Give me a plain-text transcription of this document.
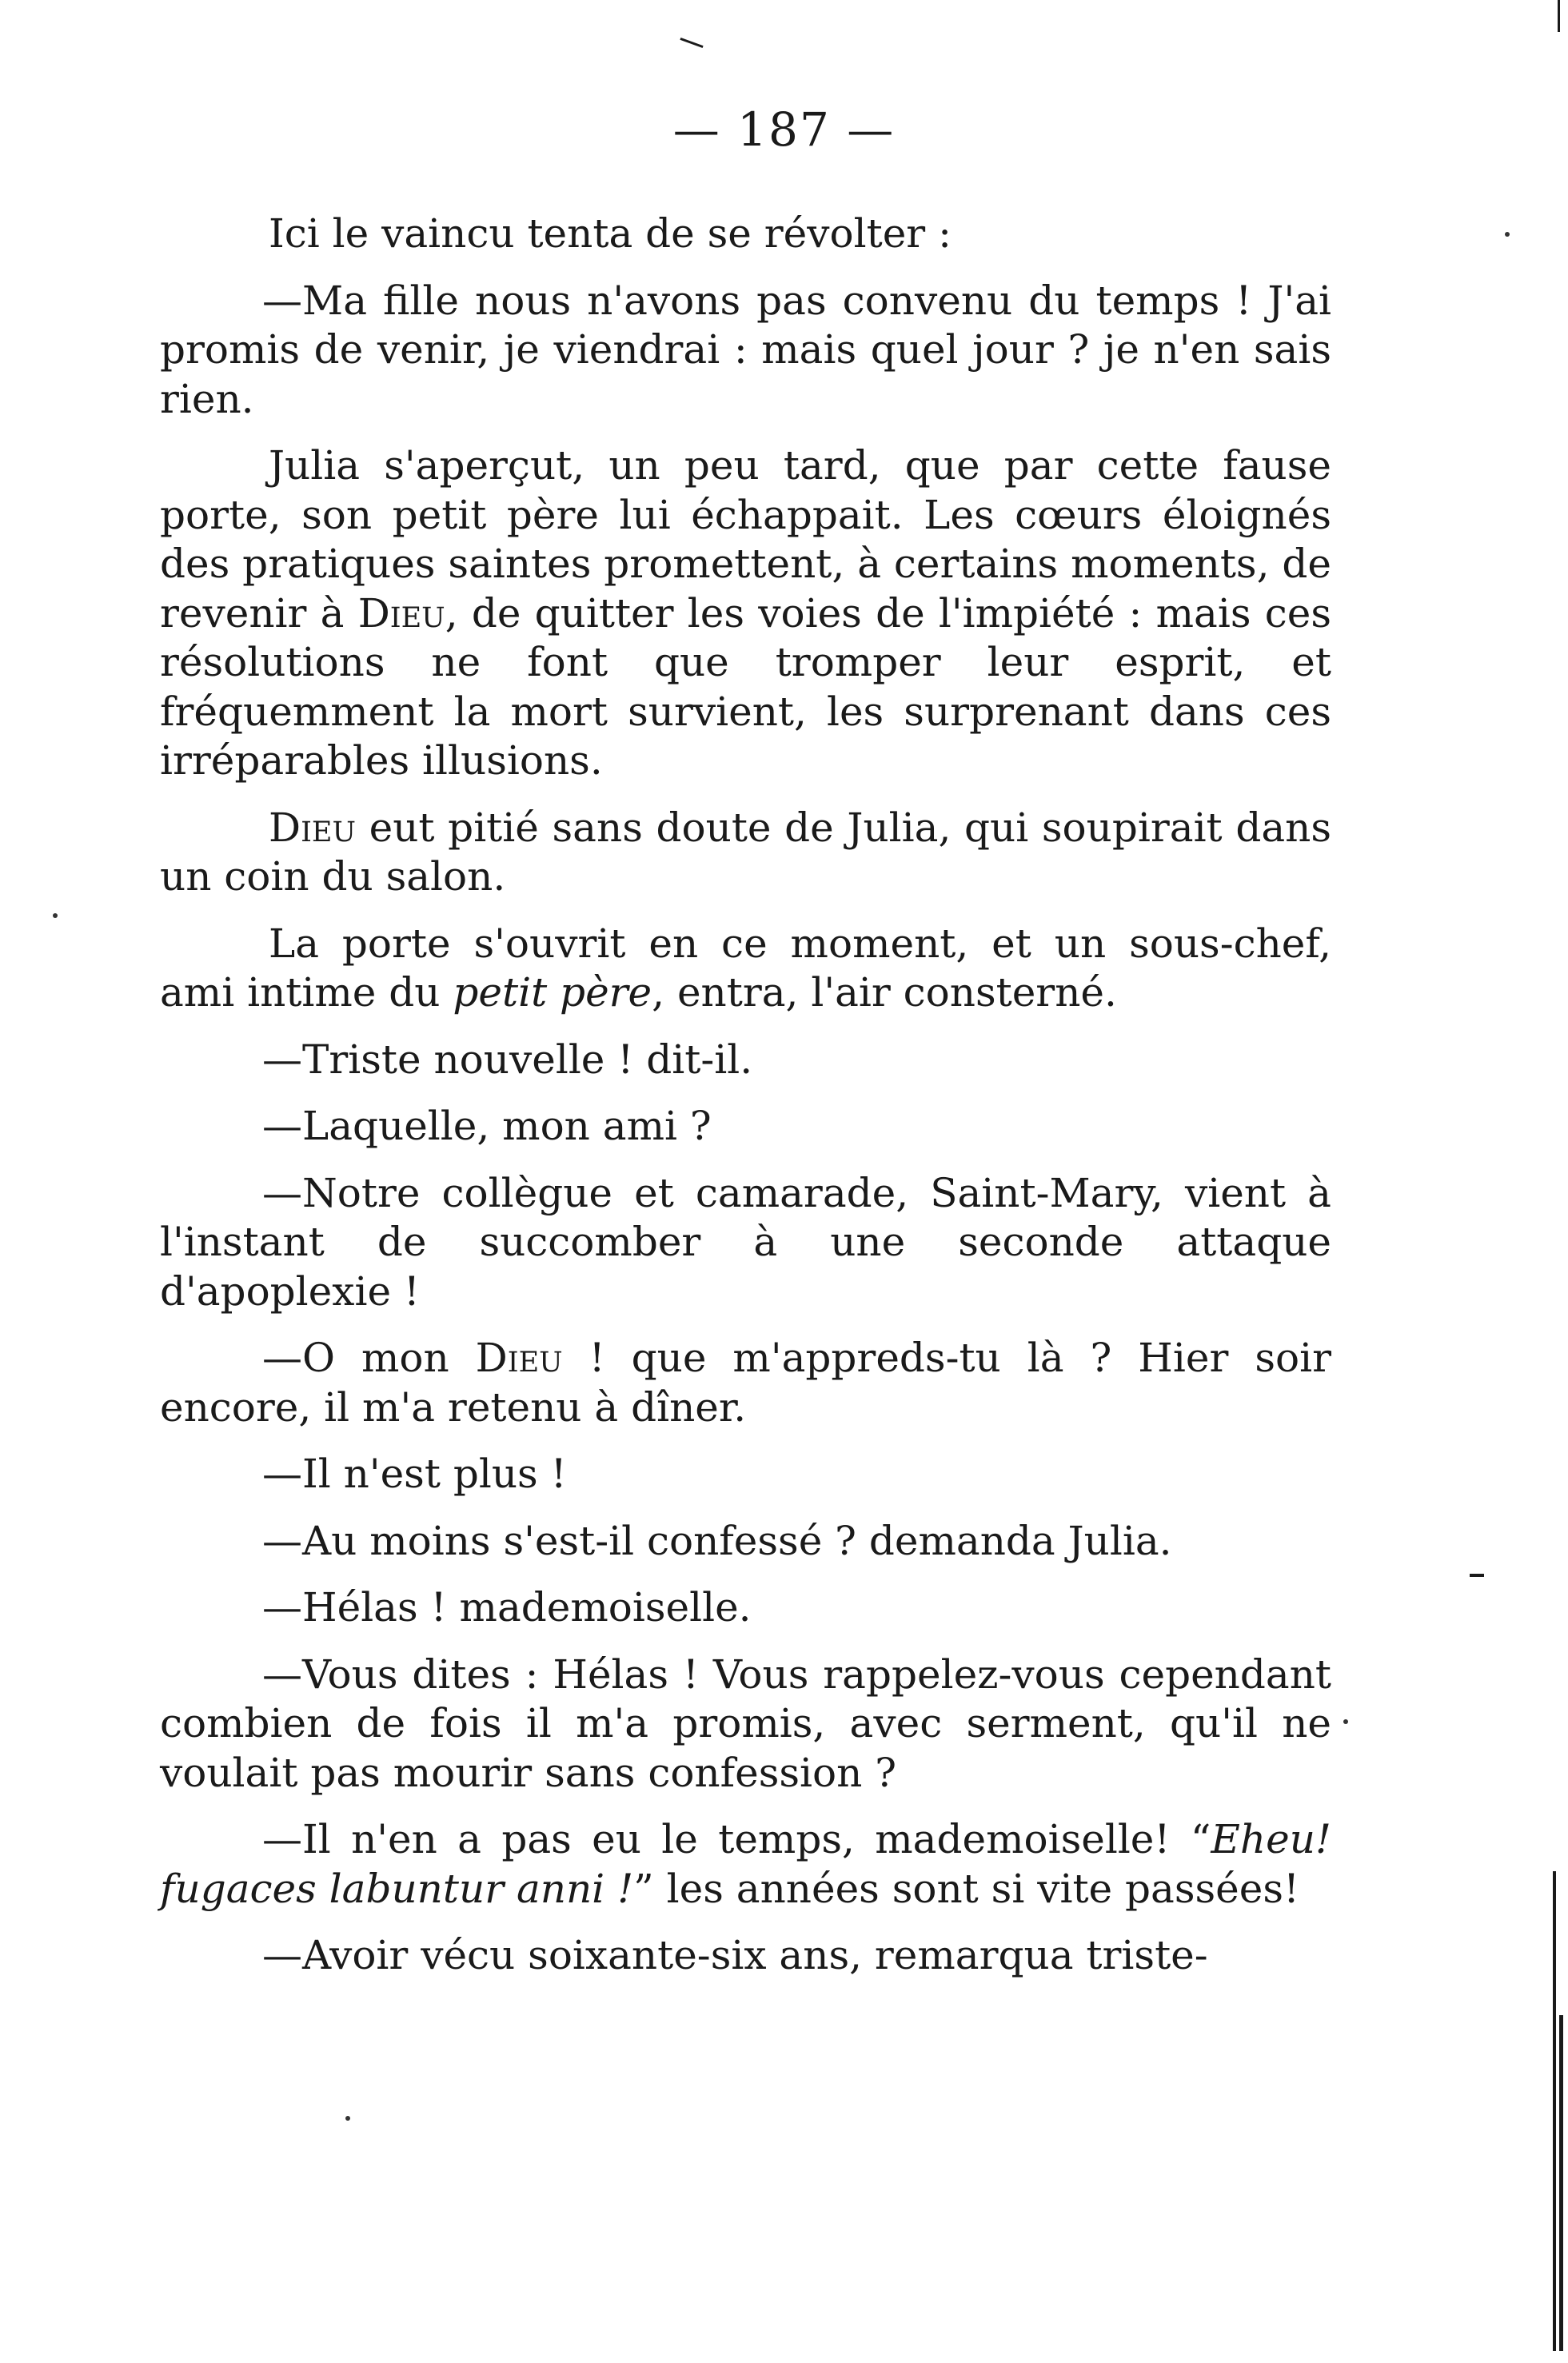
— 187 —

Ici le vaincu tenta de se révolter :

—Ma fille nous n'avons pas convenu du temps ! J'ai promis de venir, je viendrai : mais quel jour ? je n'en sais rien.

Julia s'aperçut, un peu tard, que par cette fause porte, son petit père lui échappait. Les cœurs éloignés des pratiques saintes promettent, à certains moments, de revenir à Dieu, de quitter les voies de l'impiété : mais ces résolutions ne font que tromper leur esprit, et fréquemment la mort survient, les surprenant dans ces irréparables illusions.

Dieu eut pitié sans doute de Julia, qui soupirait dans un coin du salon.

La porte s'ouvrit en ce moment, et un sous-chef, ami intime du petit père, entra, l'air consterné.

—Triste nouvelle ! dit-il.

—Laquelle, mon ami ?

—Notre collègue et camarade, Saint-Mary, vient à l'instant de succomber à une seconde attaque d'apoplexie !

—O mon Dieu ! que m'appreds-tu là ? Hier soir encore, il m'a retenu à dîner.

—Il n'est plus !

—Au moins s'est-il confessé ? demanda Julia.

—Hélas ! mademoiselle.

—Vous dites : Hélas ! Vous rappelez-vous cependant combien de fois il m'a promis, avec serment, qu'il ne voulait pas mourir sans confession ?

—Il n'en a pas eu le temps, mademoiselle! “Eheu! fugaces labuntur anni !” les années sont si vite passées!

—Avoir vécu soixante-six ans, remarqua triste-
